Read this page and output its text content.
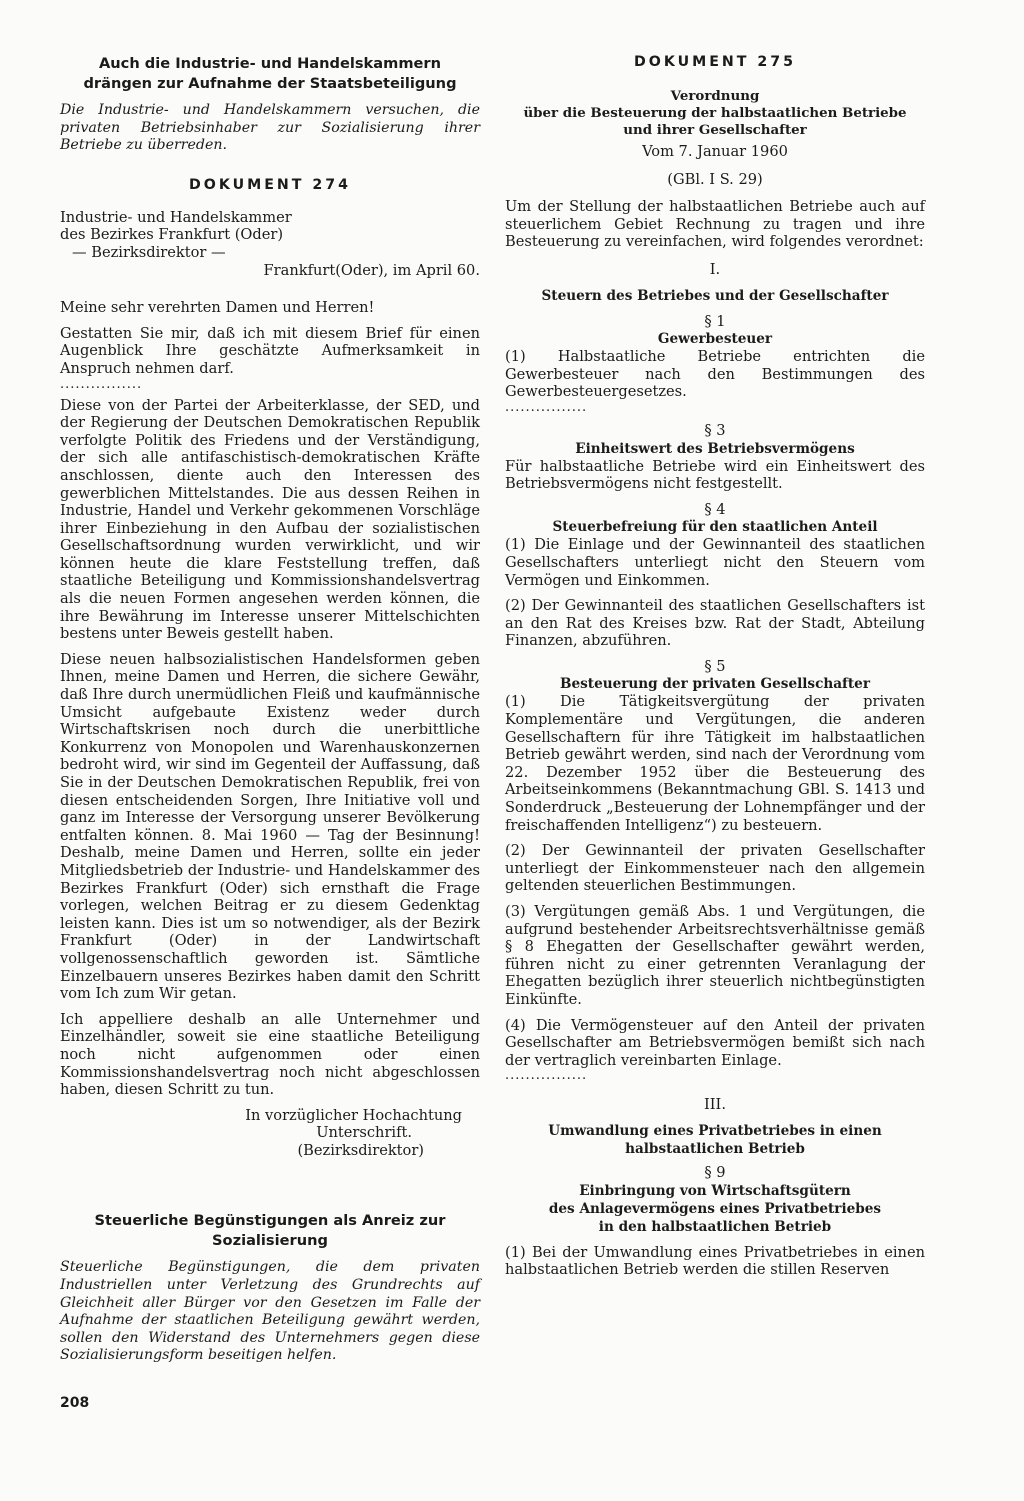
Auch die Industrie- und Handelskammern
drängen zur Aufnahme der Staatsbeteiligung

Die Industrie- und Handelskammern versuchen, die privaten Betriebsinhaber zur Sozialisierung ihrer Betriebe zu überreden.

DOKUMENT 274
Industrie- und Handelskammer
des Bezirkes Frankfurt (Oder)
— Bezirksdirektor —
Frankfurt(Oder), im April 60.

Meine sehr verehrten Damen und Herren!

Gestatten Sie mir, daß ich mit diesem Brief für einen Augenblick Ihre geschätzte Aufmerksamkeit in Anspruch nehmen darf.

................

Diese von der Partei der Arbeiterklasse, der SED, und der Regierung der Deutschen Demokratischen Republik verfolgte Politik des Friedens und der Verständigung, der sich alle antifaschistisch-demokratischen Kräfte anschlossen, diente auch den Interessen des gewerblichen Mittelstandes. Die aus dessen Reihen in Industrie, Handel und Verkehr gekommenen Vorschläge ihrer Einbeziehung in den Aufbau der sozialistischen Gesellschaftsordnung wurden verwirklicht, und wir können heute die klare Feststellung treffen, daß staatliche Beteiligung und Kommissionshandelsvertrag als die neuen Formen angesehen werden können, die ihre Bewährung im Interesse unserer Mittelschichten bestens unter Beweis gestellt haben.

Diese neuen halbsozialistischen Handelsformen geben Ihnen, meine Damen und Herren, die sichere Gewähr, daß Ihre durch unermüdlichen Fleiß und kaufmännische Umsicht aufgebaute Existenz weder durch Wirtschaftskrisen noch durch die unerbittliche Konkurrenz von Monopolen und Warenhauskonzernen bedroht wird, wir sind im Gegenteil der Auffassung, daß Sie in der Deutschen Demokratischen Republik, frei von diesen entscheidenden Sorgen, Ihre Initiative voll und ganz im Interesse der Versorgung unserer Bevölkerung entfalten können. 8. Mai 1960 — Tag der Besinnung! Deshalb, meine Damen und Herren, sollte ein jeder Mitgliedsbetrieb der Industrie- und Handelskammer des Bezirkes Frankfurt (Oder) sich ernsthaft die Frage vorlegen, welchen Beitrag er zu diesem Gedenktag leisten kann. Dies ist um so notwendiger, als der Bezirk Frankfurt (Oder) in der Landwirtschaft vollgenossenschaftlich geworden ist. Sämtliche Einzelbauern unseres Bezirkes haben damit den Schritt vom Ich zum Wir getan.

Ich appelliere deshalb an alle Unternehmer und Einzelhändler, soweit sie eine staatliche Beteiligung noch nicht aufgenommen oder einen Kommissionshandelsvertrag noch nicht abgeschlossen haben, diesen Schritt zu tun.

In vorzüglicher Hochachtung
Unterschrift.
(Bezirksdirektor)
Steuerliche Begünstigungen als Anreiz zur
Sozialisierung

Steuerliche Begünstigungen, die dem privaten Industriellen unter Verletzung des Grundrechts auf Gleichheit aller Bürger vor den Gesetzen im Falle der Aufnahme der staatlichen Beteiligung gewährt werden, sollen den Widerstand des Unternehmers gegen diese Sozialisierungsform beseitigen helfen.

208
DOKUMENT 275
Verordnung
über die Besteuerung der halbstaatlichen Betriebe
und ihrer Gesellschafter
Vom 7. Januar 1960
(GBl. I S. 29)

Um der Stellung der halbstaatlichen Betriebe auch auf steuerlichem Gebiet Rechnung zu tragen und ihre Besteuerung zu vereinfachen, wird folgendes verordnet:

I.
Steuern des Betriebes und der Gesellschafter
§ 1
Gewerbesteuer

(1) Halbstaatliche Betriebe entrichten die Gewerbesteuer nach den Bestimmungen des Gewerbesteuergesetzes.

................
§ 3
Einheitswert des Betriebsvermögens

Für halbstaatliche Betriebe wird ein Einheitswert des Betriebsvermögens nicht festgestellt.

§ 4
Steuerbefreiung für den staatlichen Anteil

(1) Die Einlage und der Gewinnanteil des staatlichen Gesellschafters unterliegt nicht den Steuern vom Vermögen und Einkommen.

(2) Der Gewinnanteil des staatlichen Gesellschafters ist an den Rat des Kreises bzw. Rat der Stadt, Abteilung Finanzen, abzuführen.

§ 5
Besteuerung der privaten Gesellschafter

(1) Die Tätigkeitsvergütung der privaten Komplementäre und Vergütungen, die anderen Gesellschaftern für ihre Tätigkeit im halbstaatlichen Betrieb gewährt werden, sind nach der Verordnung vom 22. Dezember 1952 über die Besteuerung des Arbeitseinkommens (Bekanntmachung GBl. S. 1413 und Sonderdruck „Besteuerung der Lohnempfänger und der freischaffenden Intelligenz“) zu besteuern.

(2) Der Gewinnanteil der privaten Gesellschafter unterliegt der Einkommensteuer nach den allgemein geltenden steuerlichen Bestimmungen.

(3) Vergütungen gemäß Abs. 1 und Vergütungen, die aufgrund bestehender Arbeitsrechtsverhältnisse gemäß § 8 Ehegatten der Gesellschafter gewährt werden, führen nicht zu einer getrennten Veranlagung der Ehegatten bezüglich ihrer steuerlich nichtbegünstigten Einkünfte.

(4) Die Vermögensteuer auf den Anteil der privaten Gesellschafter am Betriebsvermögen bemißt sich nach der vertraglich vereinbarten Einlage.

................
III.
Umwandlung eines Privatbetriebes in einen
halbstaatlichen Betrieb
§ 9
Einbringung von Wirtschaftsgütern
des Anlagevermögens eines Privatbetriebes
in den halbstaatlichen Betrieb

(1) Bei der Umwandlung eines Privatbetriebes in einen halbstaatlichen Betrieb werden die stillen Reserven
